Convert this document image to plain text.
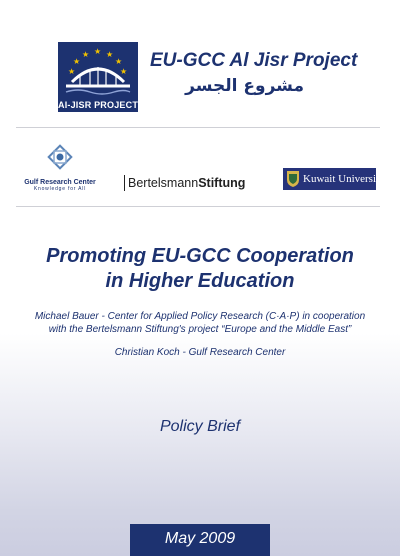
★
★ ★
★	★
★	★
AI-JISR PROJECT
EU-GCC Al Jisr Project
مشروع الجسر
Gulf Research Center
Knowledge for All	BertelsmannStiftung	Kuwait University
Promoting EU-GCC Cooperation
in Higher Education
Michael Bauer - Center for Applied Policy Research (C·A·P) in cooperation
with the Bertelsmann Stiftung's project “Europe and the Middle East”
Christian Koch - Gulf Research Center
Policy Brief
May 2009
